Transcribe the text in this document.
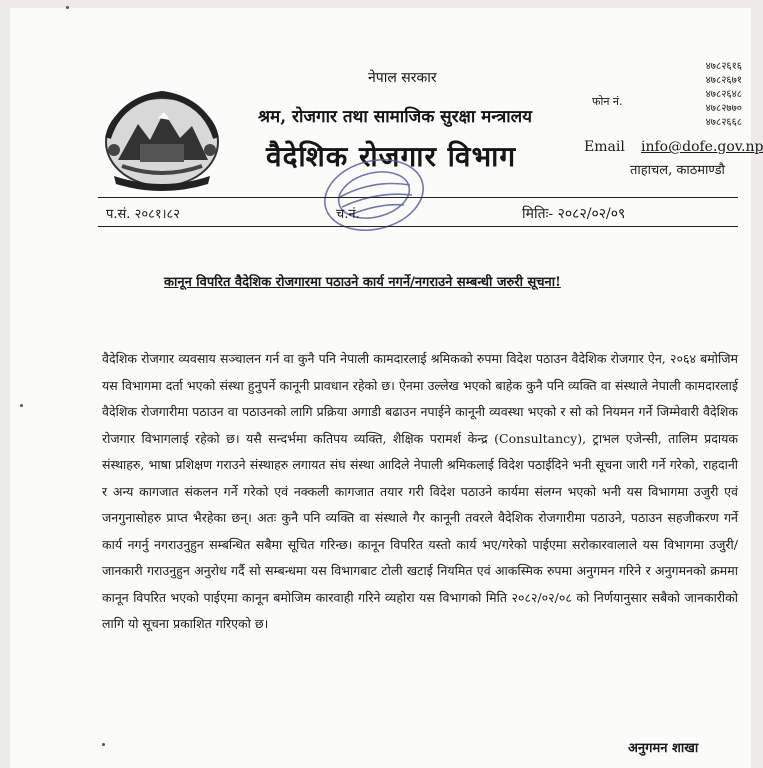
नेपाल सरकार
श्रम, रोजगार तथा सामाजिक सुरक्षा मन्त्रालय
वैदेशिक रोजगार विभाग
फोन नं.
४७८२६१६
४७८२६७१
४७८२६४८
४७८२७७०
४७८२६६८
Email info@dofe.gov.np
ताहाचल, काठमाण्डौ
प.सं. २०८१।८२	च.नं.	मितिः- २०८२/०२/०९
कानून विपरित वैदेशिक रोजगारमा पठाउने कार्य नगर्ने/नगराउने सम्बन्धी जरुरी सूचना!
वैदेशिक रोजगार व्यवसाय सञ्चालन गर्न वा कुनै पनि नेपाली कामदारलाई श्रमिकको रुपमा विदेश पठाउन वैदेशिक रोजगार ऐन, २०६४ बमोजिम यस विभागमा दर्ता भएको संस्था हुनुपर्ने कानूनी प्रावधान रहेको छ। ऐनमा उल्लेख भएको बाहेक कुनै पनि व्यक्ति वा संस्थाले नेपाली कामदारलाई वैदेशिक रोजगारीमा पठाउन वा पठाउनको लागि प्रक्रिया अगाडी बढाउन नपाईने कानूनी व्यवस्था भएको र सो को नियमन गर्ने जिम्मेवारी वैदेशिक रोजगार विभागलाई रहेको छ। यसै सन्दर्भमा कतिपय व्यक्ति, शैक्षिक परामर्श केन्द्र (Consultancy), ट्राभल एजेन्सी, तालिम प्रदायक संस्थाहरु, भाषा प्रशिक्षण गराउने संस्थाहरु लगायत संघ संस्था आदिले नेपाली श्रमिकलाई विदेश पठाईदिने भनी सूचना जारी गर्ने गरेको, राहदानी र अन्य कागजात संकलन गर्ने गरेको एवं नक्कली कागजात तयार गरी विदेश पठाउने कार्यमा संलग्न भएको भनी यस विभागमा उजुरी एवं जनगुनासोहरु प्राप्त भैरहेका छन्। अतः कुनै पनि व्यक्ति वा संस्थाले गैर कानूनी तवरले वैदेशिक रोजगारीमा पठाउने, पठाउन सहजीकरण गर्ने कार्य नगर्नु नगराउनुहुन सम्बन्धित सबैमा सूचित गरिन्छ। कानून विपरित यस्तो कार्य भए/गरेको पाईएमा सरोकारवालाले यस विभागमा उजुरी/जानकारी गराउनुहुन अनुरोध गर्दै सो सम्बन्धमा यस विभागबाट टोली खटाई नियमित एवं आकस्मिक रुपमा अनुगमन गरिने र अनुगमनको क्रममा कानून विपरित भएको पाईएमा कानून बमोजिम कारवाही गरिने व्यहोरा यस विभागको मिति २०८२/०२/०८ को निर्णयानुसार सबैको जानकारीको लागि यो सूचना प्रकाशित गरिएको छ।
अनुगमन शाखा
